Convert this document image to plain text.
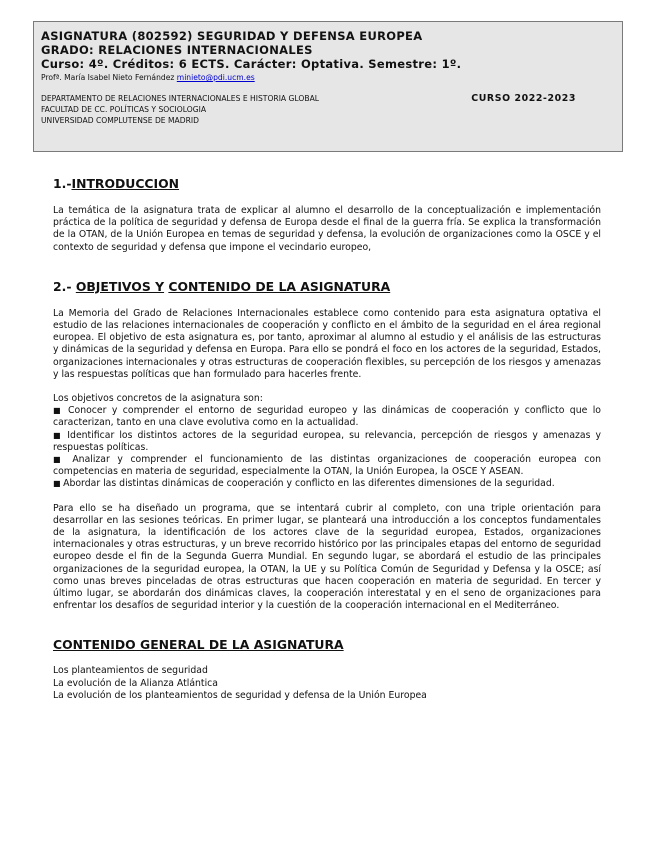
ASIGNATURA (802592) SEGURIDAD Y DEFENSA EUROPEA
GRADO: RELACIONES INTERNACIONALES
Curso: 4º. Créditos: 6 ECTS. Carácter: Optativa. Semestre: 1º.
Profª. María Isabel Nieto Fernández minieto@pdi.ucm.es
DEPARTAMENTO DE RELACIONES INTERNACIONALES E HISTORIA GLOBAL	CURSO 2022-2023
FACULTAD DE CC. POLÍTICAS Y SOCIOLOGIA
UNIVERSIDAD COMPLUTENSE DE MADRID
1.-INTRODUCCION

La temática de la asignatura trata de explicar al alumno el desarrollo de la conceptualización e implementación práctica de la política de seguridad y defensa de Europa desde el final de la guerra fría. Se explica la transformación de la OTAN, de la Unión Europea en temas de seguridad y defensa, la evolución de organizaciones como la OSCE y el contexto de seguridad y defensa que impone el vecindario europeo,

2.- OBJETIVOS Y CONTENIDO DE LA ASIGNATURA

La Memoria del Grado de Relaciones Internacionales establece como contenido para esta asignatura optativa el estudio de las relaciones internacionales de cooperación y conflicto en el ámbito de la seguridad en el área regional europea. El objetivo de esta asignatura es, por tanto, aproximar al alumno al estudio y el análisis de las estructuras y dinámicas de la seguridad y defensa en Europa. Para ello se pondrá el foco en los actores de la seguridad, Estados, organizaciones internacionales y otras estructuras de cooperación flexibles, su percepción de los riesgos y amenazas y las respuestas políticas que han formulado para hacerles frente.

Los objetivos concretos de la asignatura son:

■ Conocer y comprender el entorno de seguridad europeo y las dinámicas de cooperación y conflicto que lo caracterizan, tanto en una clave evolutiva como en la actualidad.

■ Identificar los distintos actores de la seguridad europea, su relevancia, percepción de riesgos y amenazas y respuestas políticas.

■ Analizar y comprender el funcionamiento de las distintas organizaciones de cooperación europea con competencias en materia de seguridad, especialmente la OTAN, la Unión Europea, la OSCE Y ASEAN.

■ Abordar las distintas dinámicas de cooperación y conflicto en las diferentes dimensiones de la seguridad.

Para ello se ha diseñado un programa, que se intentará cubrir al completo, con una triple orientación para desarrollar en las sesiones teóricas. En primer lugar, se planteará una introducción a los conceptos fundamentales de la asignatura, la identificación de los actores clave de la seguridad europea, Estados, organizaciones internacionales y otras estructuras, y un breve recorrido histórico por las principales etapas del entorno de seguridad europeo desde el fin de la Segunda Guerra Mundial. En segundo lugar, se abordará el estudio de las principales organizaciones de la seguridad europea, la OTAN, la UE y su Política Común de Seguridad y Defensa y la OSCE; así como unas breves pinceladas de otras estructuras que hacen cooperación en materia de seguridad. En tercer y último lugar, se abordarán dos dinámicas claves, la cooperación interestatal y en el seno de organizaciones para enfrentar los desafíos de seguridad interior y la cuestión de la cooperación internacional en el Mediterráneo.

CONTENIDO GENERAL DE LA ASIGNATURA

Los planteamientos de seguridad

La evolución de la Alianza Atlántica

La evolución de los planteamientos de seguridad y defensa de la Unión Europea
